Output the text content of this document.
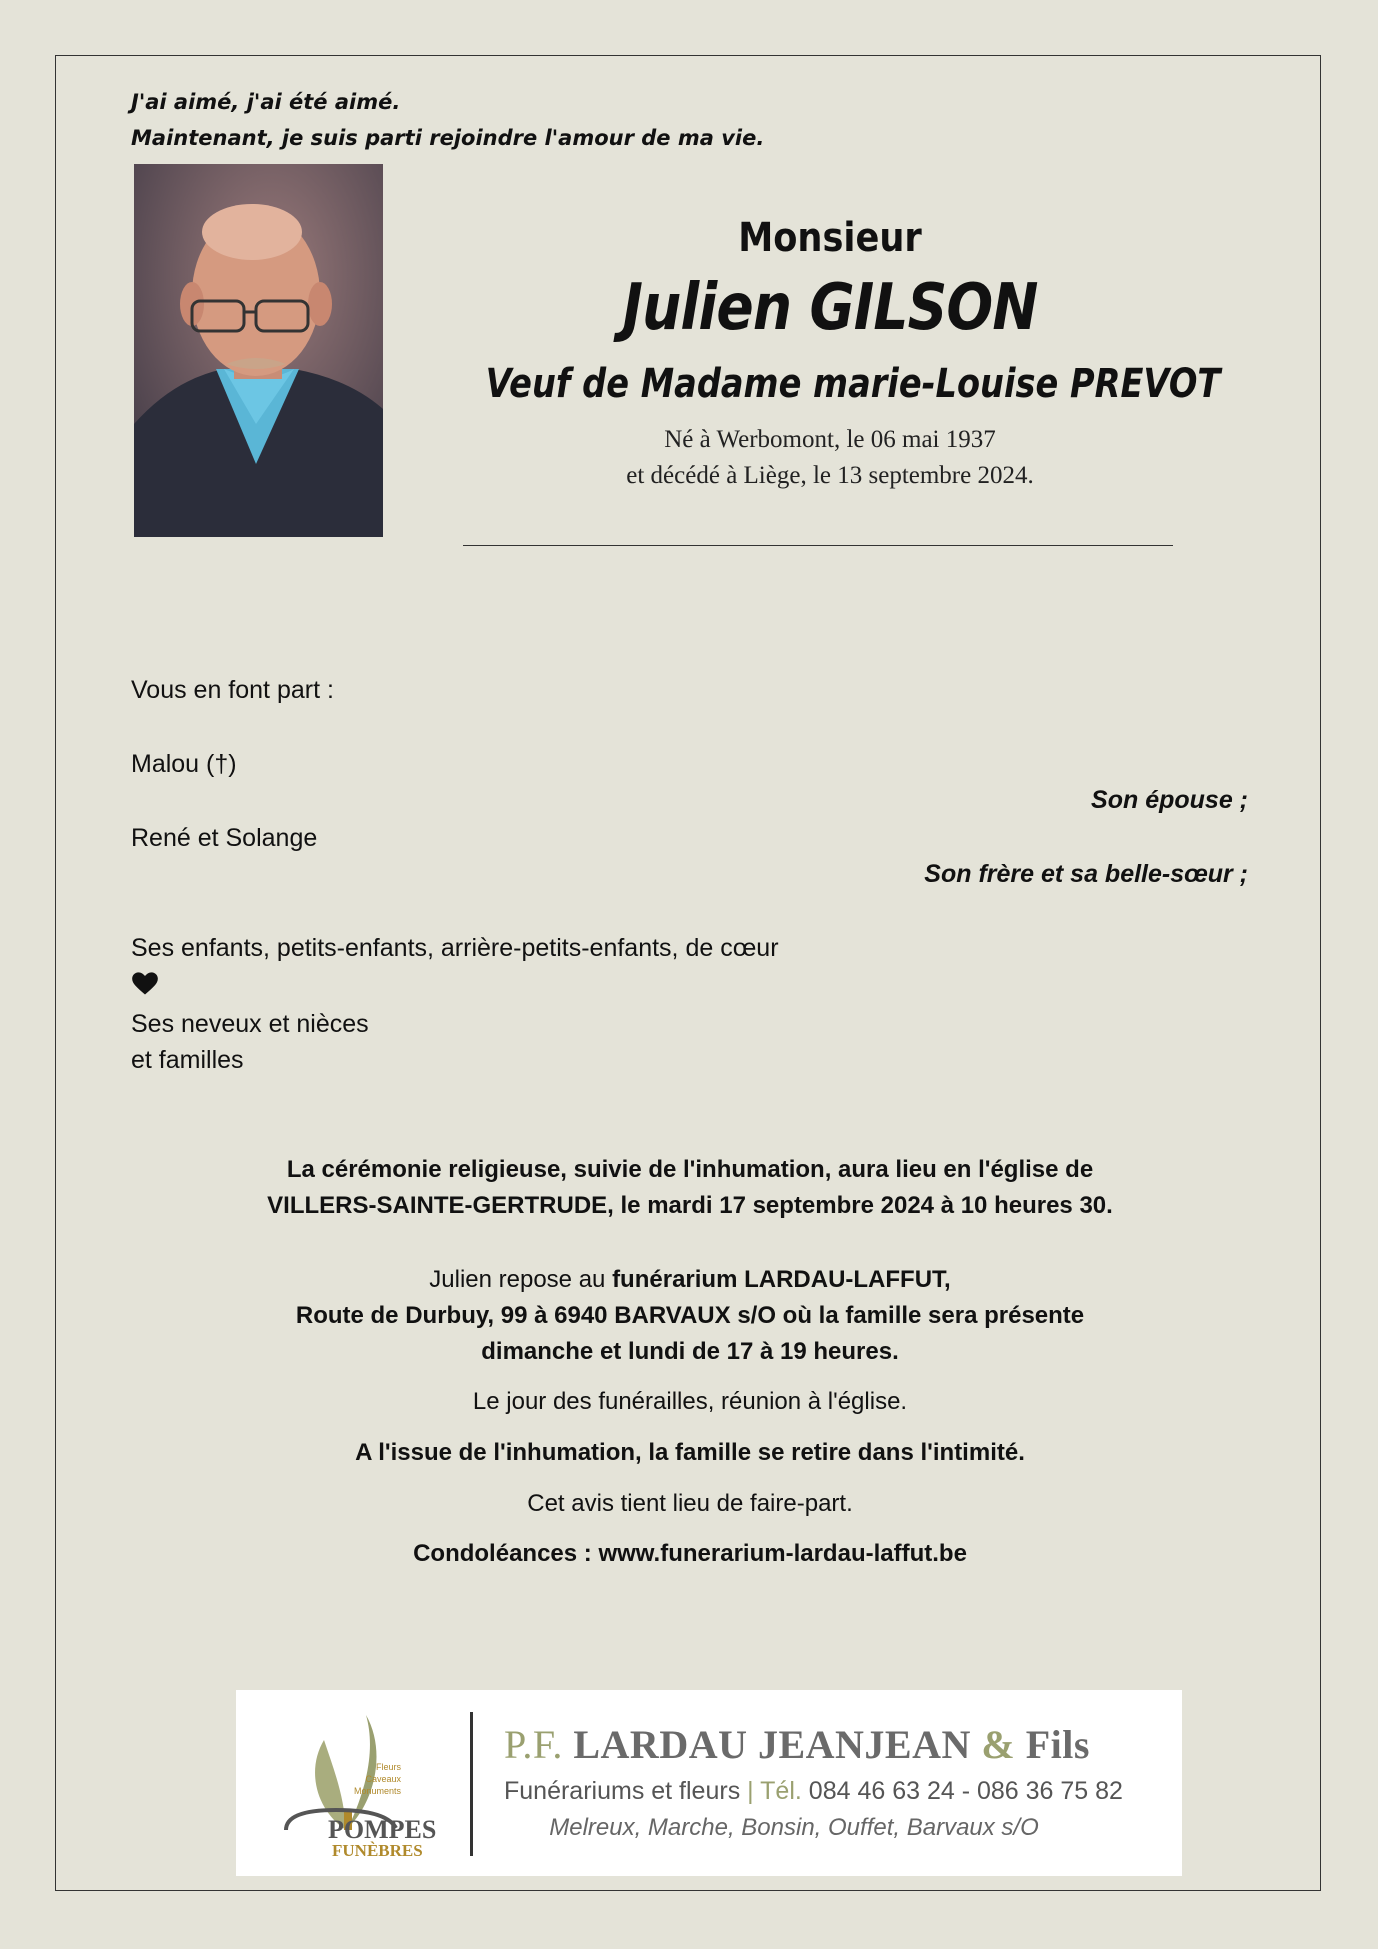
J'ai aimé, j'ai été aimé.
Maintenant, je suis parti rejoindre l'amour de ma vie.
Monsieur
Julien GILSON
Veuf de Madame marie-Louise PREVOT
Né à Werbomont, le 06 mai 1937
et décédé à Liège, le 13 septembre 2024.
Vous en font part :
Malou (†)
Son épouse ;
René et Solange
Son frère et sa belle-sœur ;
Ses enfants, petits-enfants, arrière-petits-enfants, de cœur
Ses neveux et nièces
et familles
La cérémonie religieuse, suivie de l'inhumation, aura lieu en l'église de
VILLERS-SAINTE-GERTRUDE, le mardi 17 septembre 2024 à 10 heures 30.
Julien repose au funérarium LARDAU-LAFFUT,
Route de Durbuy, 99 à 6940 BARVAUX s/O où la famille sera présente
dimanche et lundi de 17 à 19 heures.
Le jour des funérailles, réunion à l'église.
A l'issue de l'inhumation, la famille se retire dans l'intimité.
Cet avis tient lieu de faire-part.
Condoléances : www.funerarium-lardau-laffut.be
Fleurs
Caveaux
Monuments
POMPES
FUNÈBRES
P.F. LARDAU JEANJEAN & Fils
Funérariums et fleurs | Tél. 084 46 63 24 - 086 36 75 82
Melreux, Marche, Bonsin, Ouffet, Barvaux s/O
